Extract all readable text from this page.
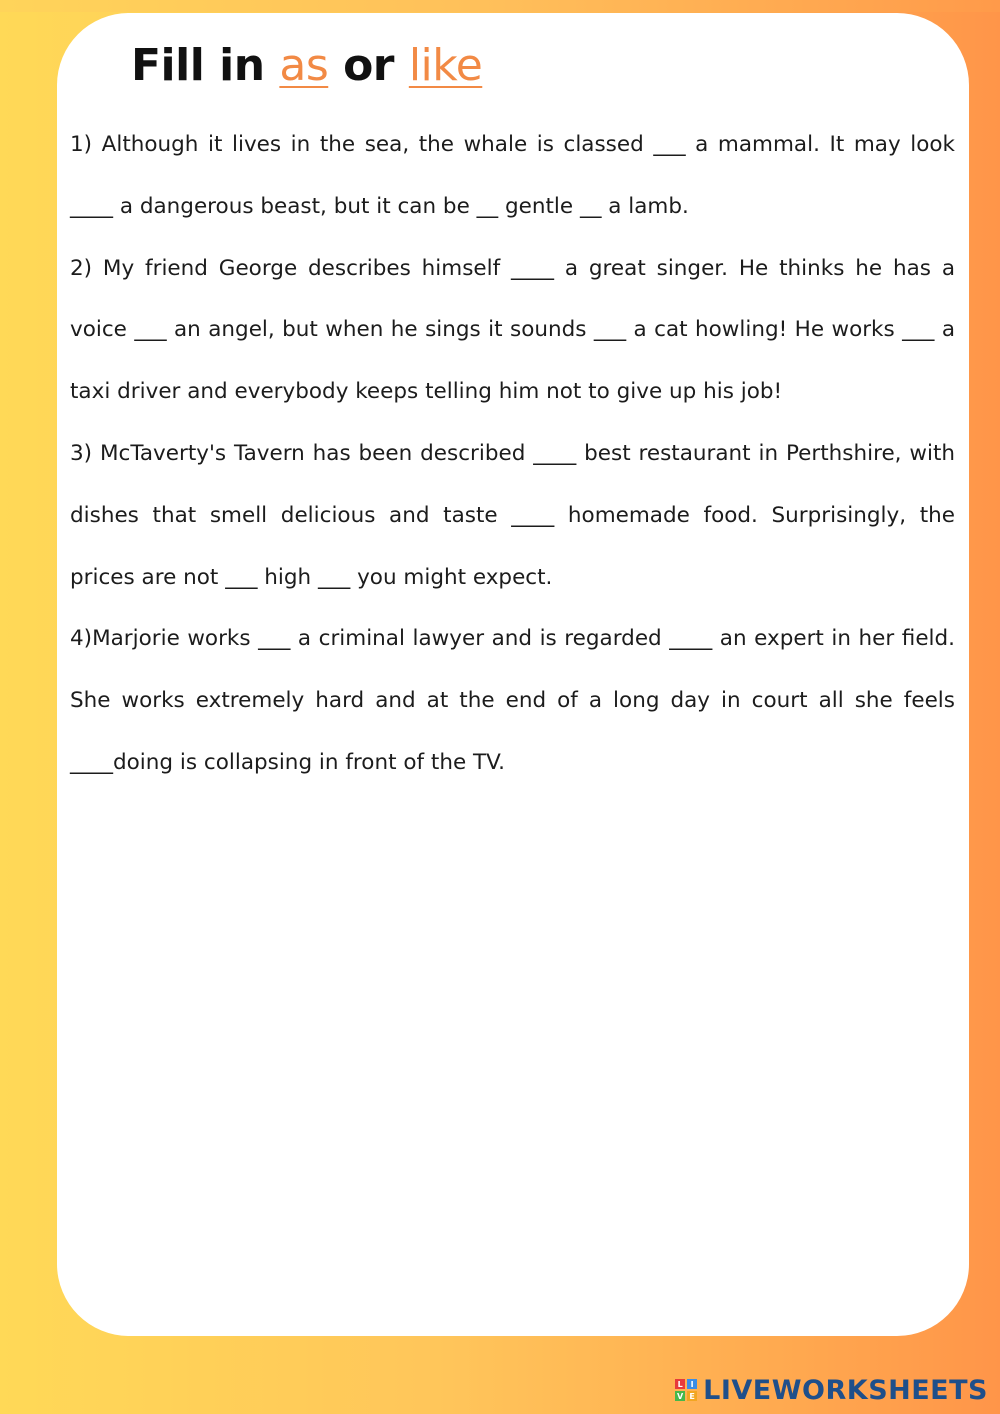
Fill in as or like

1) Although it lives in the sea, the whale is classed ___ a mammal. It may look ____ a dangerous beast, but it can be __ gentle __ a lamb.

2) My friend George describes himself ____ a great singer. He thinks he has a voice ___ an angel, but when he sings it sounds ___ a cat howling! He works ___ a taxi driver and everybody keeps telling him not to give up his job!

3) McTaverty's Tavern has been described ____ best restaurant in Perthshire, with dishes that smell delicious and taste ____ homemade food. Surprisingly, the prices are not ___ high ___ you might expect.

4)Marjorie works ___ a criminal lawyer and is regarded ____ an expert in her field. She works extremely hard and at the end of a long day in court all she feels ____doing is collapsing in front of the TV.

L I
V E LIVEWORKSHEETS
